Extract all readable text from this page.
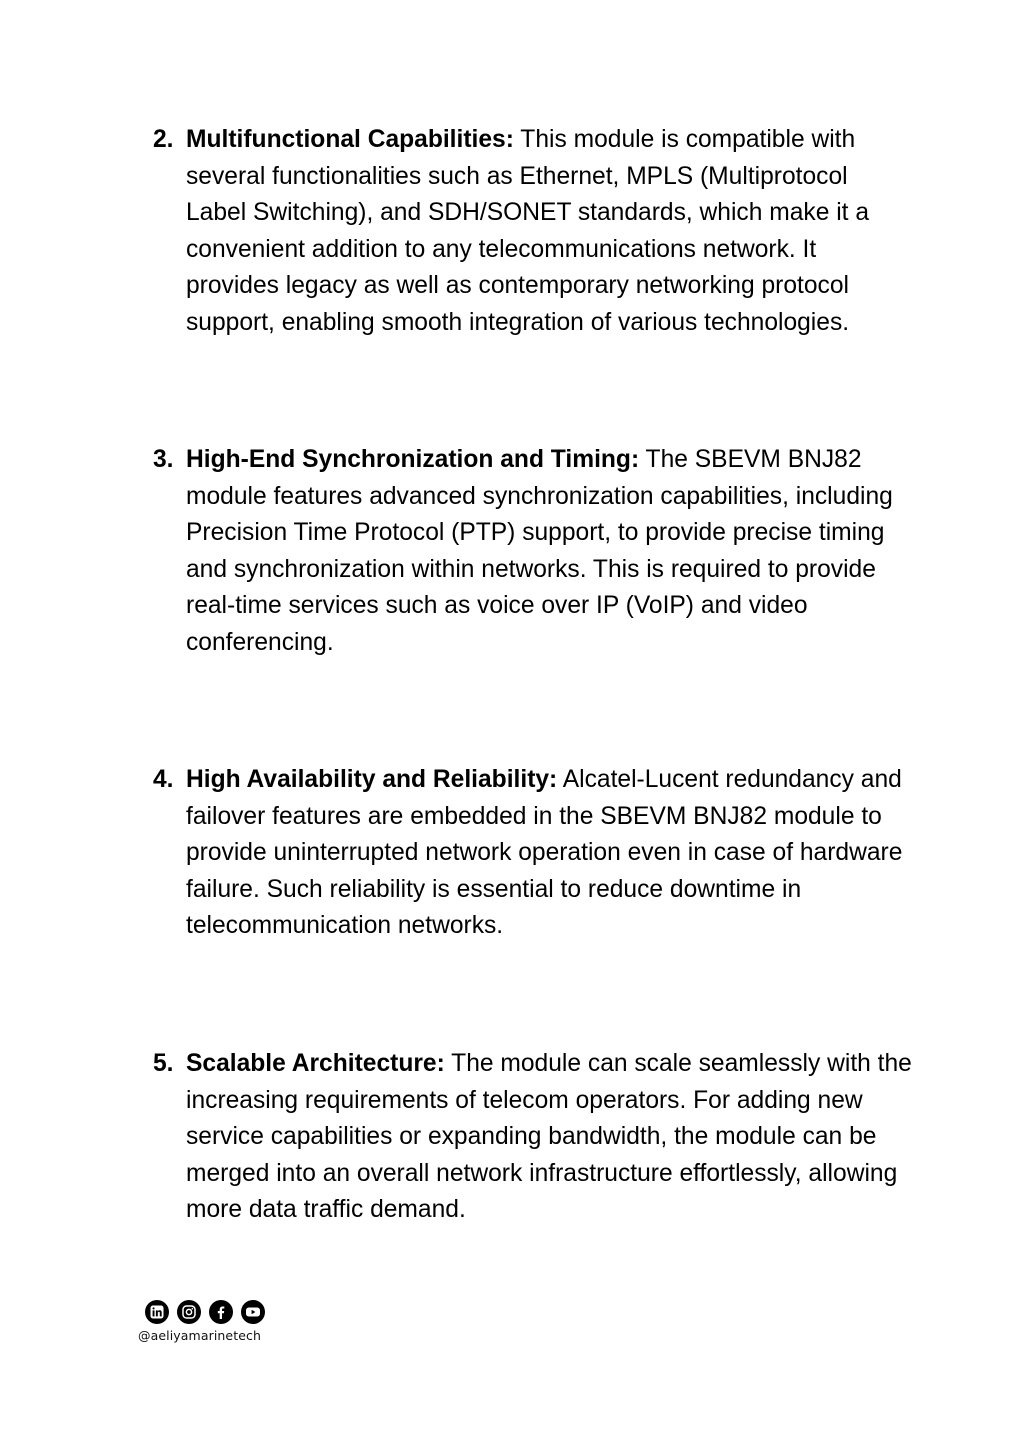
2. Multifunctional Capabilities: This module is compatible with several functionalities such as Ethernet, MPLS (Multiprotocol Label Switching), and SDH/SONET standards, which make it a convenient addition to any telecommunications network. It provides legacy as well as contemporary networking protocol support, enabling smooth integration of various technologies.
3. High-End Synchronization and Timing: The SBEVM BNJ82 module features advanced synchronization capabilities, including Precision Time Protocol (PTP) support, to provide precise timing and synchronization within networks. This is required to provide real-time services such as voice over IP (VoIP) and video conferencing.
4. High Availability and Reliability: Alcatel-Lucent redundancy and failover features are embedded in the SBEVM BNJ82 module to provide uninterrupted network operation even in case of hardware failure. Such reliability is essential to reduce downtime in telecommunication networks.
5. Scalable Architecture: The module can scale seamlessly with the increasing requirements of telecom operators. For adding new service capabilities or expanding bandwidth, the module can be merged into an overall network infrastructure effortlessly, allowing more data traffic demand.
@aeliyamarinetech
